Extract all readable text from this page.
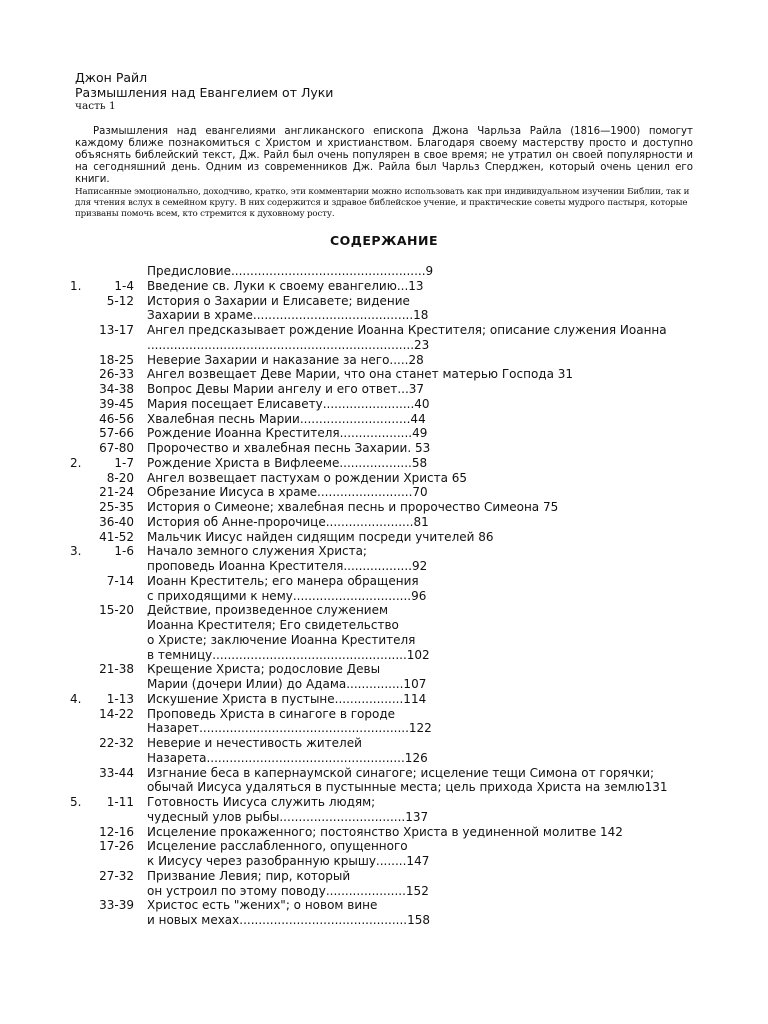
Джон Райл
Размышления над Евангелием от Луки
часть 1
Размышления над евангелиями англиканского епископа Джона Чарльза Райла (1816—1900) помогут каждому ближе познакомиться с Христом и христианством. Благодаря своему мастерству просто и доступно объяснять библейский текст, Дж. Райл был очень популярен в свое время; не утратил он своей популярности и на сегодняшний день. Одним из современников Дж. Райла был Чарльз Сперджен, который очень ценил его книги.
Написанные эмоционально, доходчиво, кратко, эти комментарии можно использовать как при индивидуальном изучении Библии, так и для чтения вслух в семейном кругу. В них содержится и здравое библейское учение, и практические советы мудрого пастыря, которые призваны помочь всем, кто стремится к духовному росту.
СОДЕРЖАНИЕ
Предисловие...................................................9
1.	1-4 Введение св. Луки к своему евангелию...13
5-12 История о Захарии и Елисавете; видение
Захарии в храме..........................................18
13-17 Ангел предсказывает рождение Иоанна Крестителя; описание служения Иоанна
......................................................................23
18-25 Неверие Захарии и наказание за него.....28
26-33 Ангел возвещает Деве Марии, что она станет матерью Господа 31
34-38 Вопрос Девы Марии ангелу и его ответ...37
39-45 Мария посещает Елисавету........................40
46-56 Хвалебная песнь Марии.............................44
57-66 Рождение Иоанна Крестителя...................49
67-80 Пророчество и хвалебная песнь Захарии. 53
2.	1-7 Рождение Христа в Вифлееме...................58
8-20 Ангел возвещает пастухам о рождении Христа 65
21-24 Обрезание Иисуса в храме.........................70
25-35 История о Симеоне; хвалебная песнь и пророчество Симеона 75
36-40 История об Анне-пророчице.......................81
41-52 Мальчик Иисус найден сидящим посреди учителей 86
3.	1-6 Начало земного служения Христа;
проповедь Иоанна Крестителя..................92
7-14 Иоанн Креститель; его манера обращения
с приходящими к нему...............................96
15-20 Действие, произведенное служением
Иоанна Крестителя; Его свидетельство
о Христе; заключение Иоанна Крестителя
в темницу...................................................102
21-38 Крещение Христа; родословие Девы
Марии (дочери Илии) до Адама...............107
4.	1-13 Искушение Христа в пустыне..................114
14-22 Проповедь Христа в синагоге в городе
Назарет.......................................................122
22-32 Неверие и нечестивость жителей
Назарета....................................................126
33-44 Изгнание беса в капернаумской синагоге; исцеление тещи Симона от горячки;
обычай Иисуса удаляться в пустынные места; цель прихода Христа на землю131
5.	1-11 Готовность Иисуса служить людям;
чудесный улов рыбы.................................137
12-16 Исцеление прокаженного; постоянство Христа в уединенной молитве 142
17-26 Исцеление расслабленного, опущенного
к Иисусу через разобранную крышу........147
27-32 Призвание Левия; пир, который
он устроил по этому поводу.....................152
33-39 Христос есть "жених"; о новом вине
и новых мехах............................................158
